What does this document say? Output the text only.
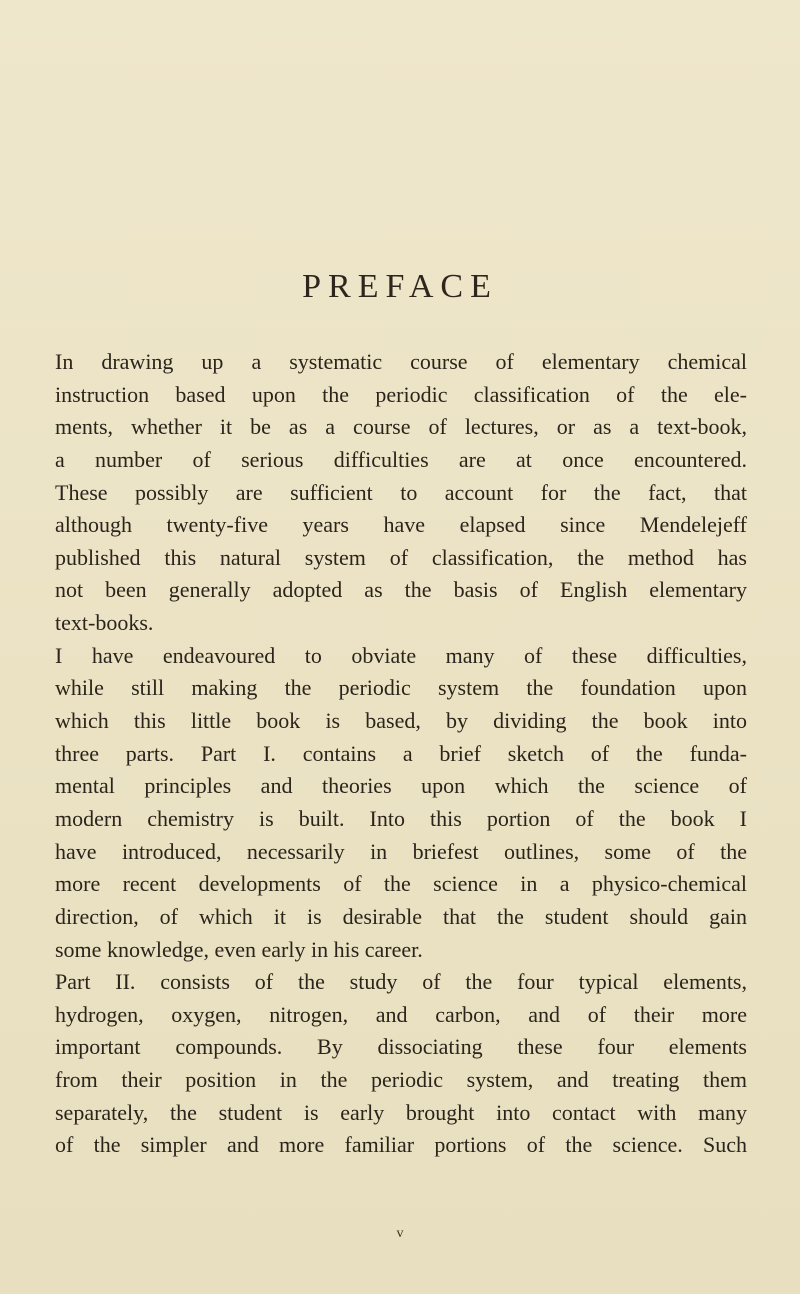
PREFACE
In drawing up a systematic course of elementary chemical
instruction based upon the periodic classification of the ele-
ments, whether it be as a course of lectures, or as a text-book,
a number of serious difficulties are at once encountered.
These possibly are sufficient to account for the fact, that
although twenty-five years have elapsed since Mendelejeff
published this natural system of classification, the method has
not been generally adopted as the basis of English elementary
text-books.
I have endeavoured to obviate many of these difficulties,
while still making the periodic system the foundation upon
which this little book is based, by dividing the book into
three parts. Part I. contains a brief sketch of the funda-
mental principles and theories upon which the science of
modern chemistry is built. Into this portion of the book I
have introduced, necessarily in briefest outlines, some of the
more recent developments of the science in a physico-chemical
direction, of which it is desirable that the student should gain
some knowledge, even early in his career.
Part II. consists of the study of the four typical elements,
hydrogen, oxygen, nitrogen, and carbon, and of their more
important compounds. By dissociating these four elements
from their position in the periodic system, and treating them
separately, the student is early brought into contact with many
of the simpler and more familiar portions of the science. Such
v
